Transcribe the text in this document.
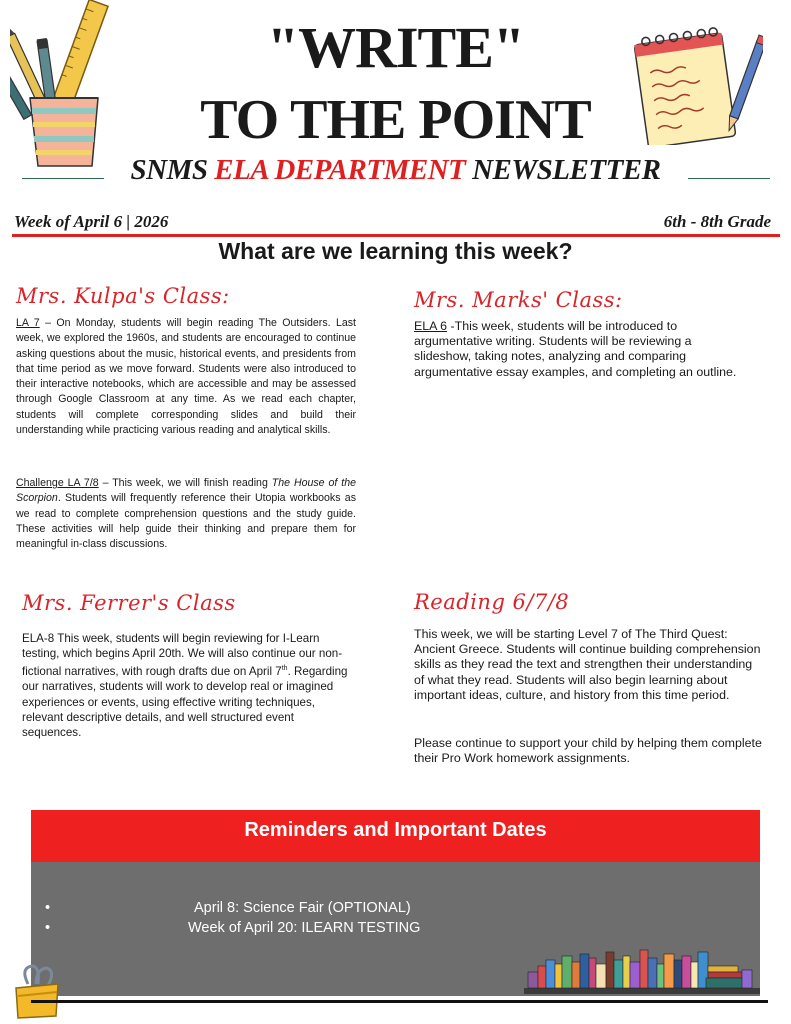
"WRITE"
TO THE POINT
SNMS ELA DEPARTMENT NEWSLETTER
Week of April 6 | 2026	6th - 8th Grade
What are we learning this week?
Mrs. Kulpa's Class:
LA 7 – On Monday, students will begin reading The Outsiders. Last week, we explored the 1960s, and students are encouraged to continue asking questions about the music, historical events, and presidents from that time period as we move forward. Students were also introduced to their interactive notebooks, which are accessible and may be assessed through Google Classroom at any time. As we read each chapter, students will complete corresponding slides and build their understanding while practicing various reading and analytical skills.
Challenge LA 7/8 – This week, we will finish reading The House of the Scorpion. Students will frequently reference their Utopia workbooks as we read to complete comprehension questions and the study guide. These activities will help guide their thinking and prepare them for meaningful in-class discussions.
Mrs. Marks' Class:
ELA 6 -This week, students will be introduced to argumentative writing. Students will be reviewing a slideshow, taking notes, analyzing and comparing argumentative essay examples, and completing an outline.
Mrs. Ferrer's Class
ELA-8 This week, students will begin reviewing for I-Learn testing, which begins April 20th. We will also continue our non-fictional narratives, with rough drafts due on April 7th. Regarding our narratives, students will work to develop real or imagined experiences or events, using effective writing techniques, relevant descriptive details, and well structured event sequences.
Reading 6/7/8
This week, we will be starting Level 7 of The Third Quest: Ancient Greece. Students will continue building comprehension skills as they read the text and strengthen their understanding of what they read. Students will also begin learning about important ideas, culture, and history from this time period.
Please continue to support your child by helping them complete their Pro Work homework assignments.
Reminders and Important Dates
•	April 8: Science Fair (OPTIONAL)
•	Week of April 20: ILEARN TESTING
